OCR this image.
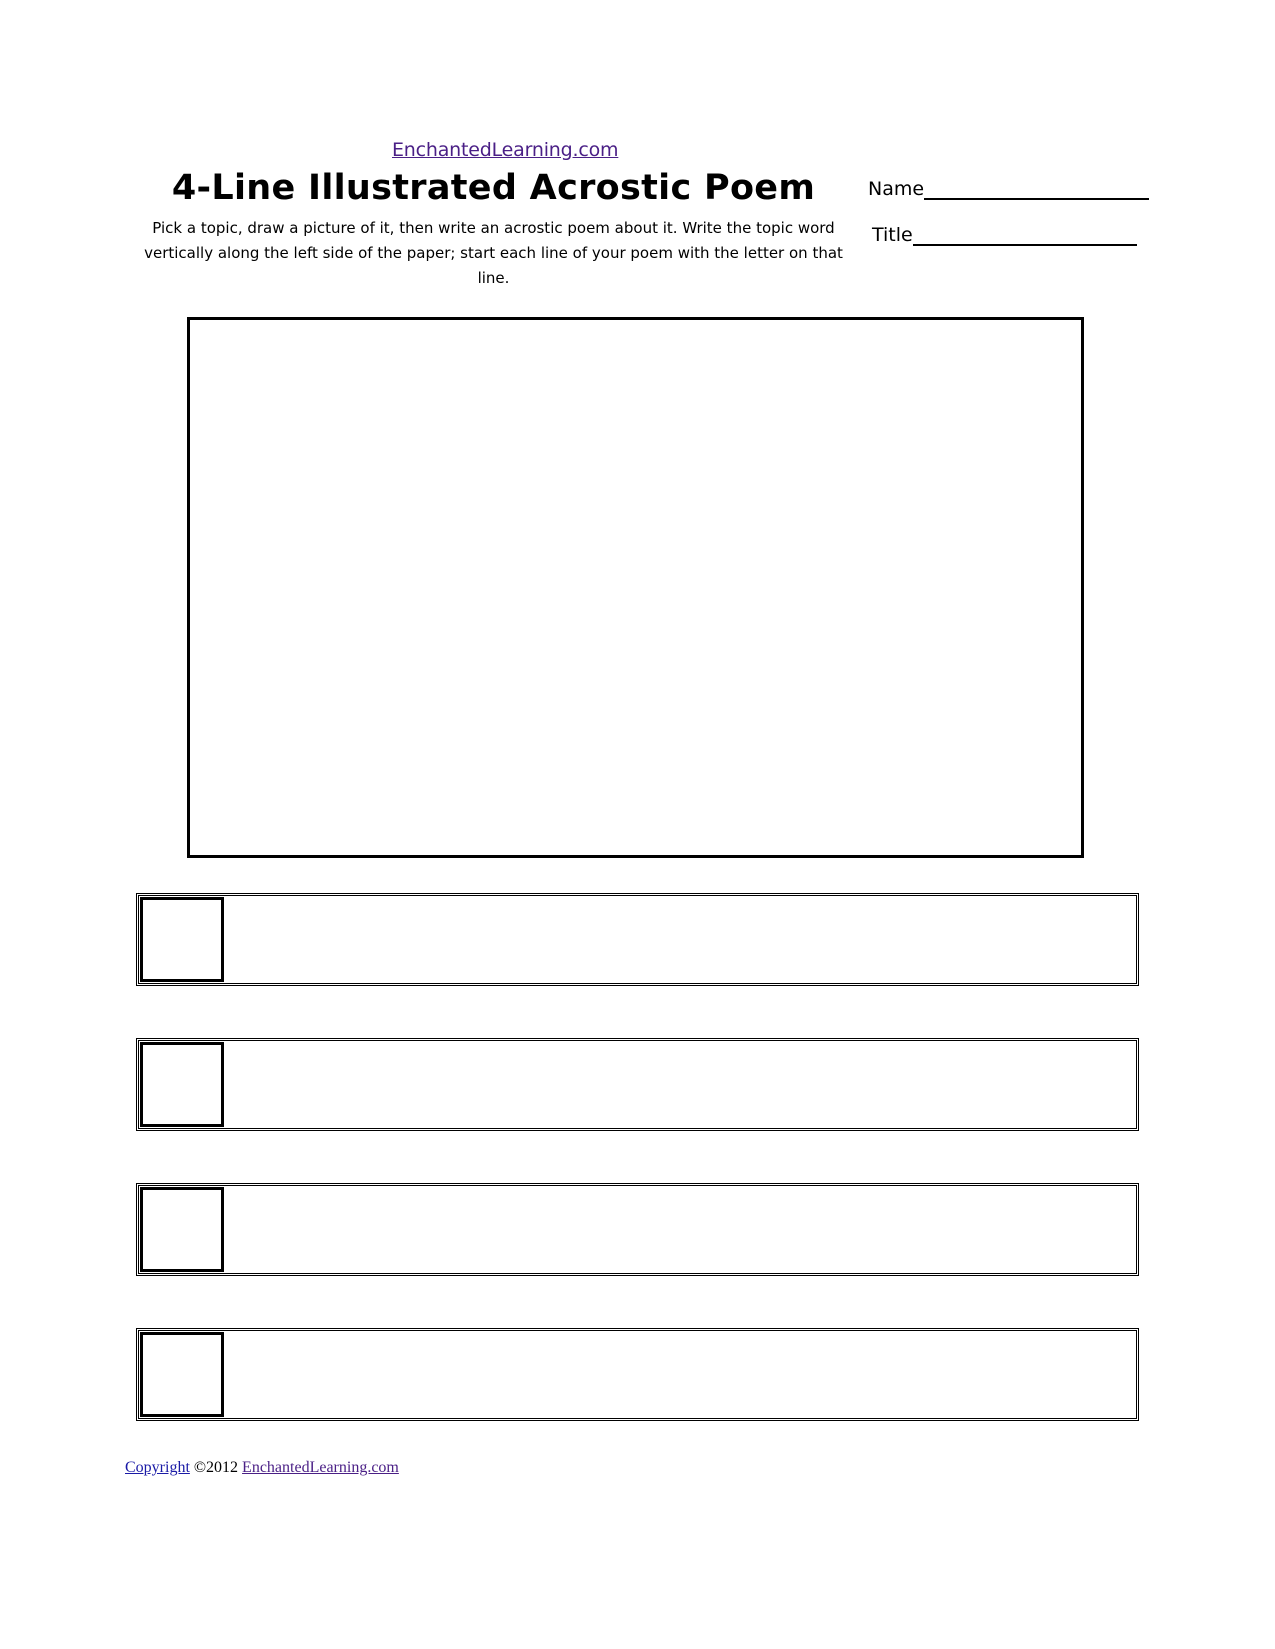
EnchantedLearning.com
4-Line Illustrated Acrostic Poem

Pick a topic, draw a picture of it, then write an acrostic poem about it. Write the topic word vertically along the left side of the paper; start each line of your poem with the letter on that line.

Name
Title
Copyright ©2012 EnchantedLearning.com
